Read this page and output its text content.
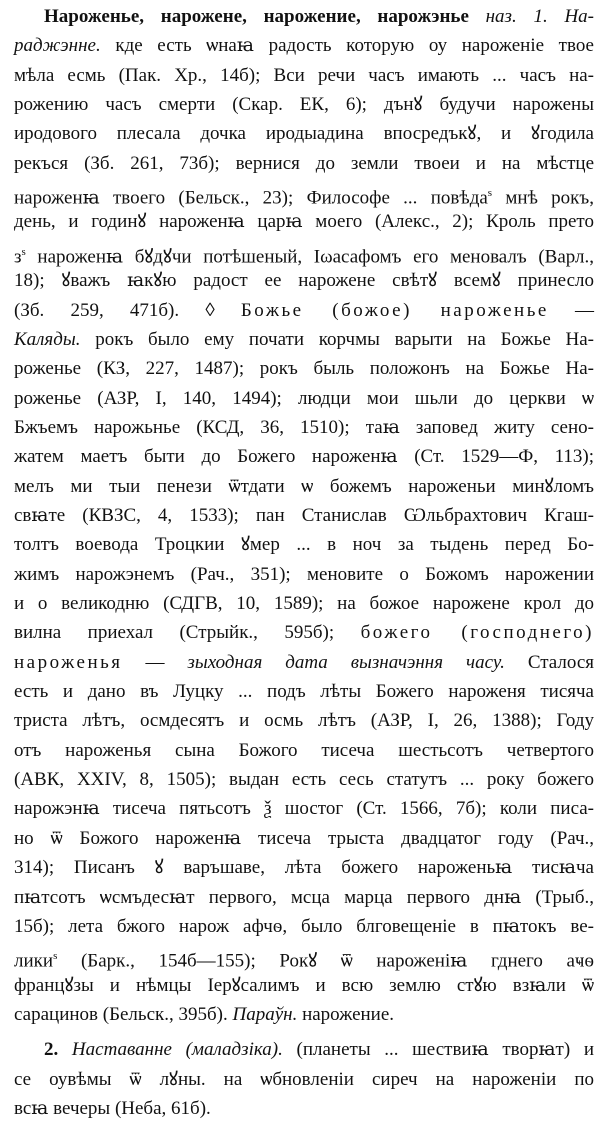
Нароженье, нарожене, нарожение, нарожэнье наз. 1. На-
раджэнне. кде есть ѡнаꙗ радость которую оу нароженіе твое
мѣла есмь (Пак. Хр., 14б); Вси речи часъ имають ... часъ на-
рожению часъ смерти (Скар. ЕК, 6); дънꙋ будучи нарожены
иродового плесала дочка иродыадина впосредъкꙋ, и ꙋгодила
рекъся (Зб. 261, 73б); вернися до земли твоеи и на мѣстце
нароженꙗ твоего (Бельск., 23); Философе ... повѣда$^s$ мнѣ рокъ,
день, и годинꙋ нароженꙗ царꙗ моего (Алекс., 2); Кроль прето
$з^s$ нароженꙗ бꙋдꙋчи потѣшеный, Іωасафомъ его меновалъ (Варл.,
18); ꙋважъ ꙗкꙋю радост ее нарожене свѣтꙋ всемꙋ принесло
(Зб. 259, 471б). ◊ Божье (божое) нароженье —
Каляды. рокъ было ему почати корчмы варыти на Божье На-
роженье (КЗ, 227, 1487); рокъ быль положонъ на Божье На-
роженье (АЗР, I, 140, 1494); людци мои шьли до церкви ѡ
Бжъемъ нарожьнье (КСД, 36, 1510); таꙗ заповед житу сено-
жатем маетъ быти до Божего нароженꙗ (Ст. 1529—Ф, 113);
мелъ ми тыи пенези ѿтдати ѡ божемъ нароженьи минꙋломъ
свꙗте (КВЗС, 4, 1533); пан Станислав Ѡльбрахтович Кгаш-
толтъ воевода Троцкии ꙋмер ... в ноч за тыдень перед Бо-
жимъ нарожэнемъ (Рач., 351); меновите о Божомъ нарожении
и о великодню (СДГВ, 10, 1589); на божое нарожене крол до
вилна приехал (Стрыйк., 595б); божего (господнего)
нароженья — зыходная дата вызначэння часу. Сталося
есть и дано въ Луцку ... подъ лѣты Божего нароженя тисяча
триста лѣтъ, осмдесятъ и осмь лѣтъ (АЗР, I, 26, 1388); Году
отъ нароженья сына Божого тисеча шестьсотъ четвертого
(АВК, XXIV, 8, 1505); выдан есть сесь статутъ ... року божего
нарожэнꙗ тисеча пятьсотъ ѯ шостог (Ст. 1566, 7б); коли писа-
но ѿ Божого нароженꙗ тисеча трыста двадцатог году (Рач.,
314); Писанъ ꙋ варъшаве, лѣта божего нароженьꙗ тисꙗча
пꙗтсотъ ѡсмъдесꙗт первого, мсца марца первого днꙗ (Трыб.,
15б); лета бжого нарож афчѳ, было блговещеніе в пꙗтокъ ве-
лики$^s$ (Барк., 154б—155); Рокꙋ ѿ нароженіꙗ гднего аҹѳ
францꙋзы и нѣмцы Іерꙋсалимъ и всю землю стꙋю взꙗли ѿ
сарацинов (Бельск., 395б). Параўн. нарожение.
2. Наставанне (маладзіка). (планеты ... шествиꙗ творꙗт) и
се оувѣмы ѿ лꙋны. на ѡбновленіи сиреч на нароженіи по
всꙗ вечеры (Неба, 61б).
